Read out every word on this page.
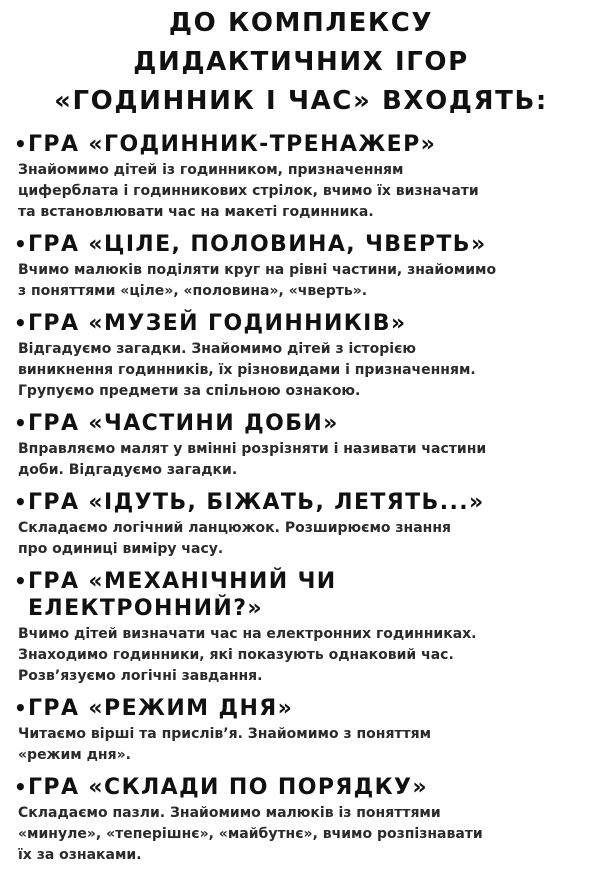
ДО КОМПЛЕКСУ
ДИДАКТИЧНИХ ІГОР
«ГОДИННИК І ЧАС» ВХОДЯТЬ:
• ГРА «ГОДИННИК-ТРЕНАЖЕР»
Знайомимо дітей із годинником, призначенням
циферблата і годинникових стрілок, вчимо їх визначати
та встановлювати час на макеті годинника.
• ГРА «ЦІЛЕ, ПОЛОВИНА, ЧВЕРТЬ»
Вчимо малюків поділяти круг на рівні частини, знайомимо
з поняттями «ціле», «половина», «чверть».
• ГРА «МУЗЕЙ ГОДИННИКІВ»
Відгадуємо загадки. Знайомимо дітей з історією
виникнення годинників, їх різновидами і призначенням.
Групуємо предмети за спільною ознакою.
• ГРА «ЧАСТИНИ ДОБИ»
Вправляємо малят у вмінні розрізняти і називати частини
доби. Відгадуємо загадки.
• ГРА «ІДУТЬ, БІЖАТЬ, ЛЕТЯТЬ...»
Складаємо логічний ланцюжок. Розширюємо знання
про одиниці виміру часу.
• ГРА «МЕХАНІЧНИЙ ЧИ
ЕЛЕКТРОННИЙ?»
Вчимо дітей визначати час на електронних годинниках.
Знаходимо годинники, які показують однаковий час.
Розв’язуємо логічні завдання.
• ГРА «РЕЖИМ ДНЯ»
Читаємо вірші та прислів’я. Знайомимо з поняттям
«режим дня».
• ГРА «СКЛАДИ ПО ПОРЯДКУ»
Складаємо пазли. Знайомимо малюків із поняттями
«минуле», «теперішнє», «майбутнє», вчимо розпізнавати
їх за ознаками.
